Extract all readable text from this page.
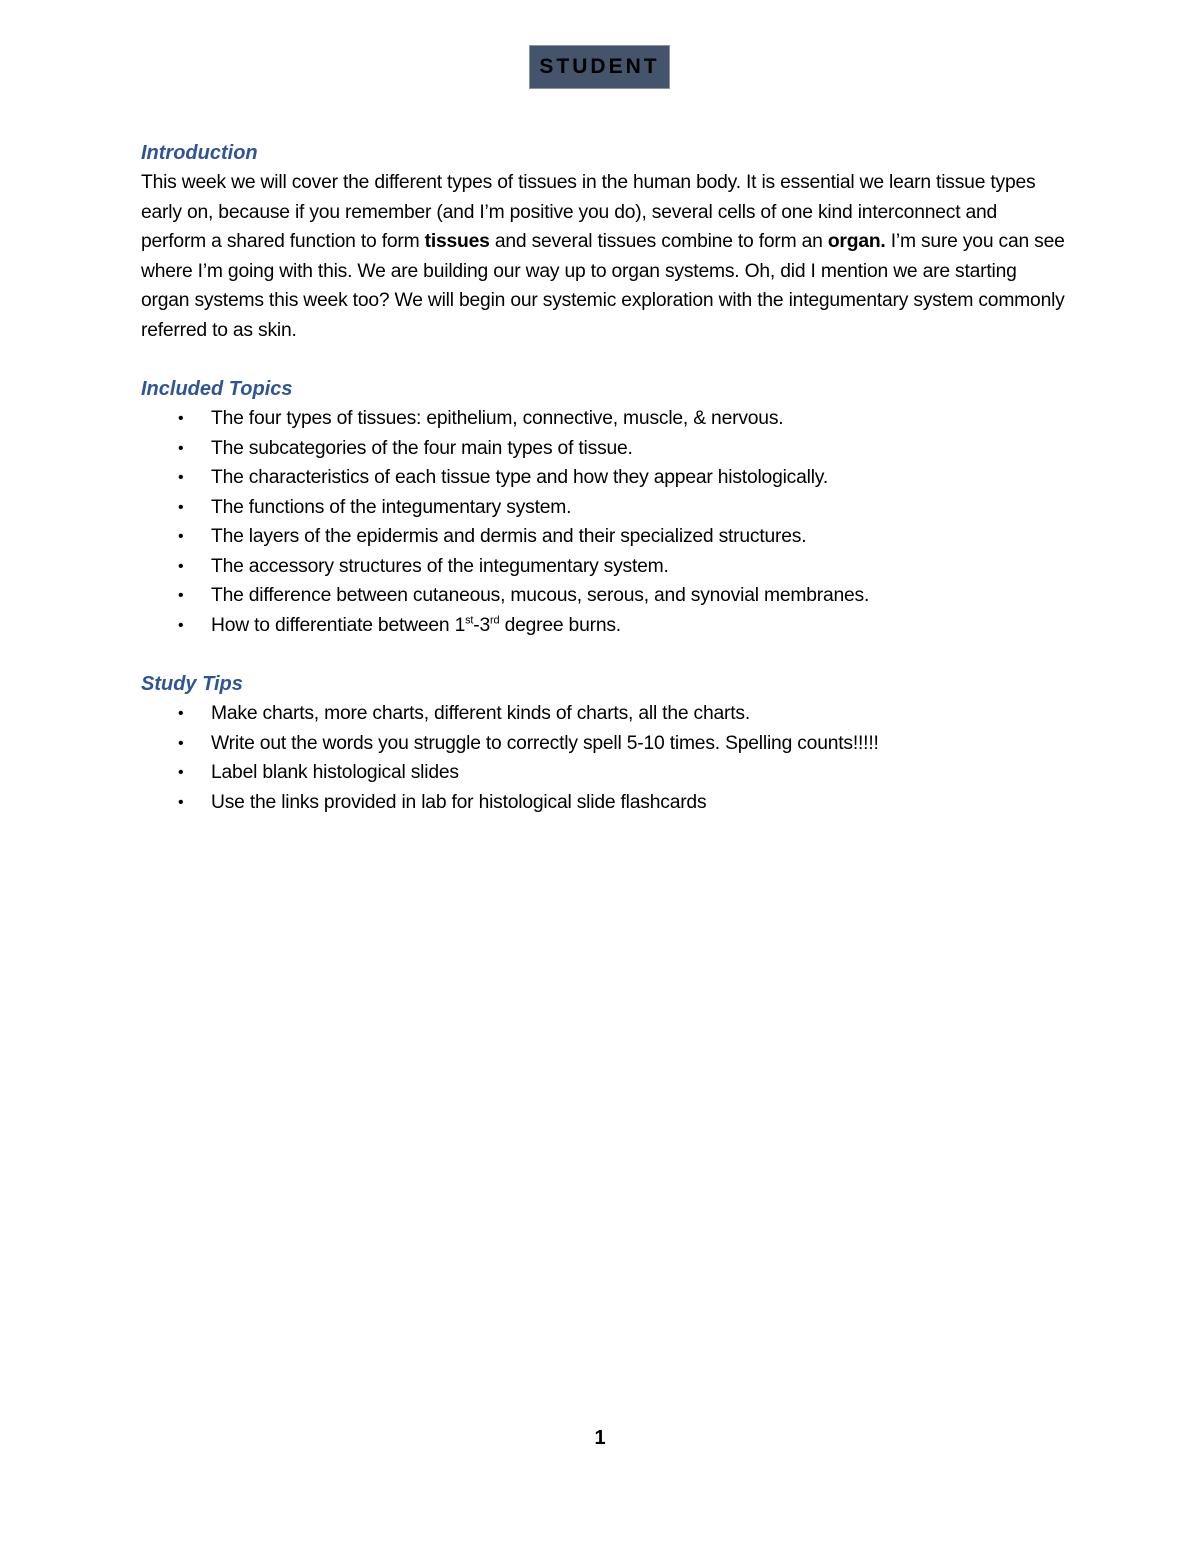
STUDENT
Introduction

This week we will cover the different types of tissues in the human body. It is essential we learn tissue types early on, because if you remember (and I’m positive you do), several cells of one kind interconnect and perform a shared function to form tissues and several tissues combine to form an organ. I’m sure you can see where I’m going with this. We are building our way up to organ systems. Oh, did I mention we are starting organ systems this week too? We will begin our systemic exploration with the integumentary system commonly referred to as skin.

Included Topics
• The four types of tissues: epithelium, connective, muscle, & nervous.
• The subcategories of the four main types of tissue.
• The characteristics of each tissue type and how they appear histologically.
• The functions of the integumentary system.
• The layers of the epidermis and dermis and their specialized structures.
• The accessory structures of the integumentary system.
• The difference between cutaneous, mucous, serous, and synovial membranes.
• How to differentiate between 1st-3rd degree burns.
Study Tips
• Make charts, more charts, different kinds of charts, all the charts.
• Write out the words you struggle to correctly spell 5-10 times. Spelling counts!!!!!
• Label blank histological slides
• Use the links provided in lab for histological slide flashcards
1
